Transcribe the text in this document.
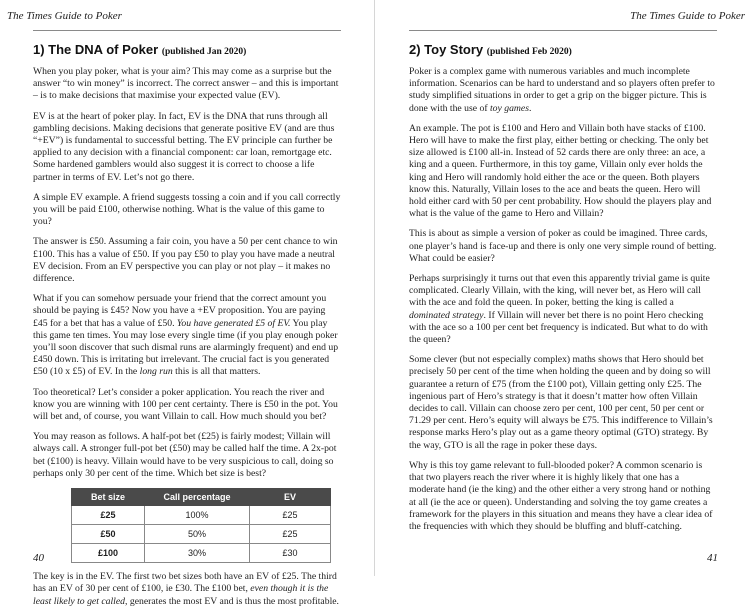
The Times Guide to Poker
1) The DNA of Poker (published Jan 2020)

When you play poker, what is your aim? This may come as a surprise but the answer “to win money” is incorrect. The correct answer – and this is important – is to make decisions that maximise your expected value (EV).

EV is at the heart of poker play. In fact, EV is the DNA that runs through all gambling decisions. Making decisions that generate positive EV (and are thus “+EV”) is fundamental to successful betting. The EV principle can further be applied to any decision with a financial component: car loan, remortgage etc. Some hardened gamblers would also suggest it is correct to choose a life partner in terms of EV. Let’s not go there.

A simple EV example. A friend suggests tossing a coin and if you call correctly you will be paid £100, otherwise nothing. What is the value of this game to you?

The answer is £50. Assuming a fair coin, you have a 50 per cent chance to win £100. This has a value of £50. If you pay £50 to play you have made a neutral EV decision. From an EV perspective you can play or not play – it makes no difference.

What if you can somehow persuade your friend that the correct amount you should be paying is £45? Now you have a +EV proposition. You are paying £45 for a bet that has a value of £50. You have generated £5 of EV. You play this game ten times. You may lose every single time (if you play enough poker you’ll soon discover that such dismal runs are alarmingly frequent) and end up £450 down. This is irritating but irrelevant. The crucial fact is you generated £50 (10 x £5) of EV. In the long run this is all that matters.

Too theoretical? Let’s consider a poker application. You reach the river and know you are winning with 100 per cent certainty. There is £50 in the pot. You will bet and, of course, you want Villain to call. How much should you bet?

You may reason as follows. A half-pot bet (£25) is fairly modest; Villain will always call. A stronger full-pot bet (£50) may be called half the time. A 2x-pot bet (£100) is heavy. Villain would have to be very suspicious to call, doing so perhaps only 30 per cent of the time. Which bet size is best?

Bet size	Call percentage	EV
£25	100%	£25
£50	50%	£25
£100	30%	£30

The key is in the EV. The first two bet sizes both have an EV of £25. The third has an EV of 30 per cent of £100, ie £30. The £100 bet, even though it is the least likely to get called, generates the most EV and is thus the most profitable.

40
The Times Guide to Poker
2) Toy Story (published Feb 2020)

Poker is a complex game with numerous variables and much incomplete information. Scenarios can be hard to understand and so players often prefer to study simplified situations in order to get a grip on the bigger picture. This is done with the use of toy games.

An example. The pot is £100 and Hero and Villain both have stacks of £100. Hero will have to make the first play, either betting or checking. The only bet size allowed is £100 all-in. Instead of 52 cards there are only three: an ace, a king and a queen. Furthermore, in this toy game, Villain only ever holds the king and Hero will randomly hold either the ace or the queen. Both players know this. Naturally, Villain loses to the ace and beats the queen. Hero will hold either card with 50 per cent probability. How should the players play and what is the value of the game to Hero and Villain?

This is about as simple a version of poker as could be imagined. Three cards, one player’s hand is face-up and there is only one very simple round of betting. What could be easier?

Perhaps surprisingly it turns out that even this apparently trivial game is quite complicated. Clearly Villain, with the king, will never bet, as Hero will call with the ace and fold the queen. In poker, betting the king is called a dominated strategy. If Villain will never bet there is no point Hero checking with the ace so a 100 per cent bet frequency is indicated. But what to do with the queen?

Some clever (but not especially complex) maths shows that Hero should bet precisely 50 per cent of the time when holding the queen and by doing so will guarantee a return of £75 (from the £100 pot), Villain getting only £25. The ingenious part of Hero’s strategy is that it doesn’t matter how often Villain decides to call. Villain can choose zero per cent, 100 per cent, 50 per cent or 71.29 per cent. Hero’s equity will always be £75. This indifference to Villain’s response marks Hero’s play out as a game theory optimal (GTO) strategy. By the way, GTO is all the rage in poker these days.

Why is this toy game relevant to full-blooded poker? A common scenario is that two players reach the river where it is highly likely that one has a moderate hand (ie the king) and the other either a very strong hand or nothing at all (ie the ace or queen). Understanding and solving the toy game creates a framework for the players in this situation and means they have a clear idea of the frequencies with which they should be bluffing and bluff-catching.

41
